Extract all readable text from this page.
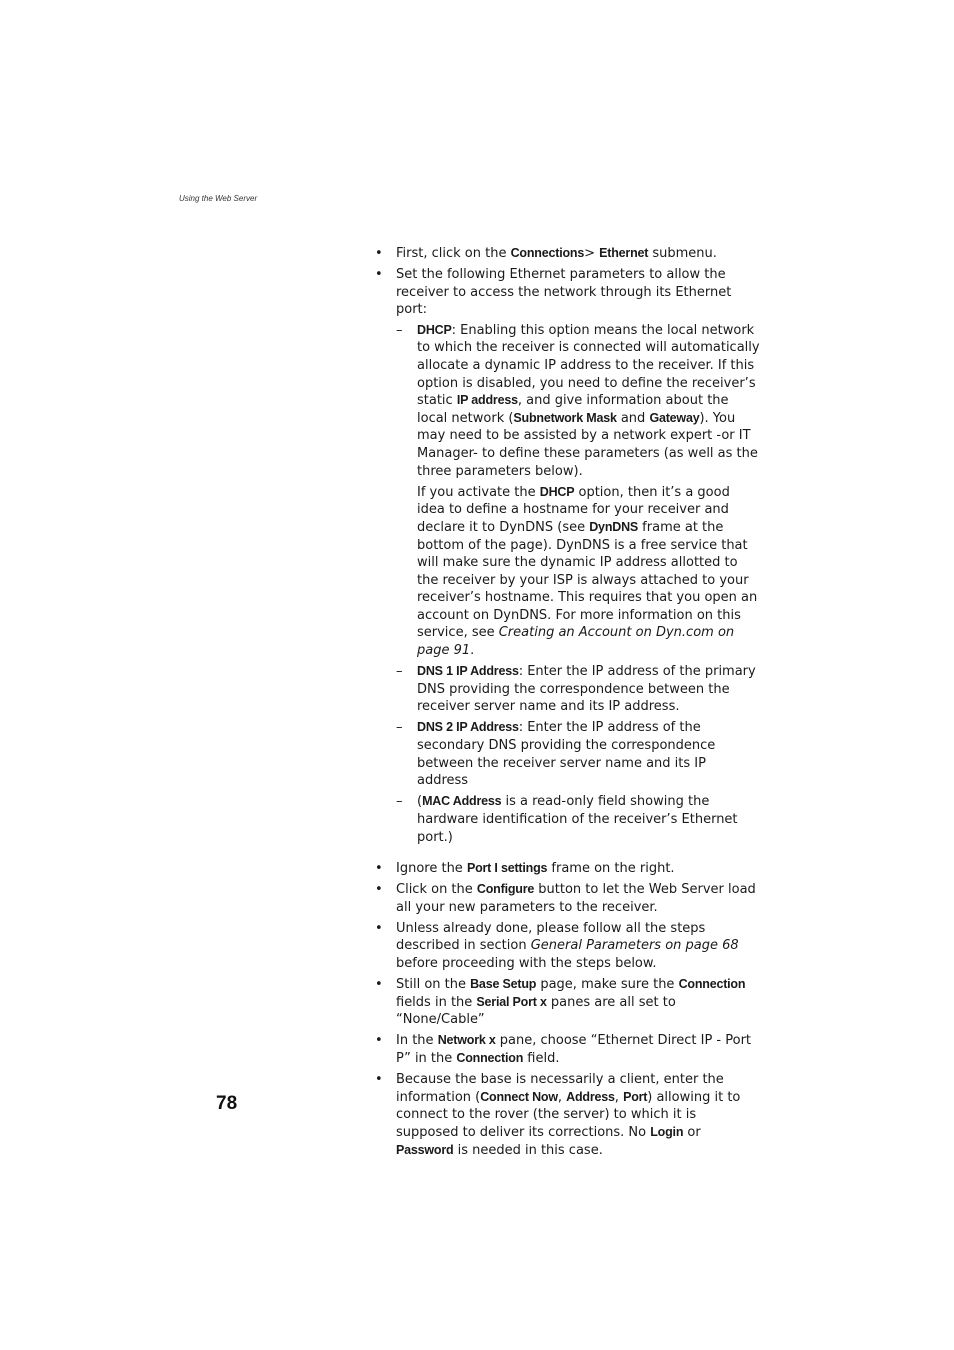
Using the Web Server
• First, click on the Connections> Ethernet submenu.
• Set the following Ethernet parameters to allow the receiver to access the network through its Ethernet port:
– DHCP: Enabling this option means the local network to which the receiver is connected will automatically allocate a dynamic IP address to the receiver. If this option is disabled, you need to define the receiver’s static IP address, and give information about the local network (Subnetwork Mask and Gateway). You may need to be assisted by a network expert -or IT Manager- to define these parameters (as well as the three parameters below).
If you activate the DHCP option, then it’s a good idea to define a hostname for your receiver and declare it to DynDNS (see DynDNS frame at the bottom of the page). DynDNS is a free service that will make sure the dynamic IP address allotted to the receiver by your ISP is always attached to your receiver’s hostname. This requires that you open an account on DynDNS. For more information on this service, see Creating an Account on Dyn.com on page 91.
– DNS 1 IP Address: Enter the IP address of the primary DNS providing the correspondence between the receiver server name and its IP address.
– DNS 2 IP Address: Enter the IP address of the secondary DNS providing the correspondence between the receiver server name and its IP address
– (MAC Address is a read-only field showing the hardware identification of the receiver’s Ethernet port.)
• Ignore the Port I settings frame on the right.
• Click on the Configure button to let the Web Server load all your new parameters to the receiver.
• Unless already done, please follow all the steps described in section General Parameters on page 68 before proceeding with the steps below.
• Still on the Base Setup page, make sure the Connection fields in the Serial Port x panes are all set to “None/Cable”
• In the Network x pane, choose “Ethernet Direct IP - Port P” in the Connection field.
• Because the base is necessarily a client, enter the information (Connect Now, Address, Port) allowing it to connect to the rover (the server) to which it is supposed to deliver its corrections. No Login or Password is needed in this case.
78
